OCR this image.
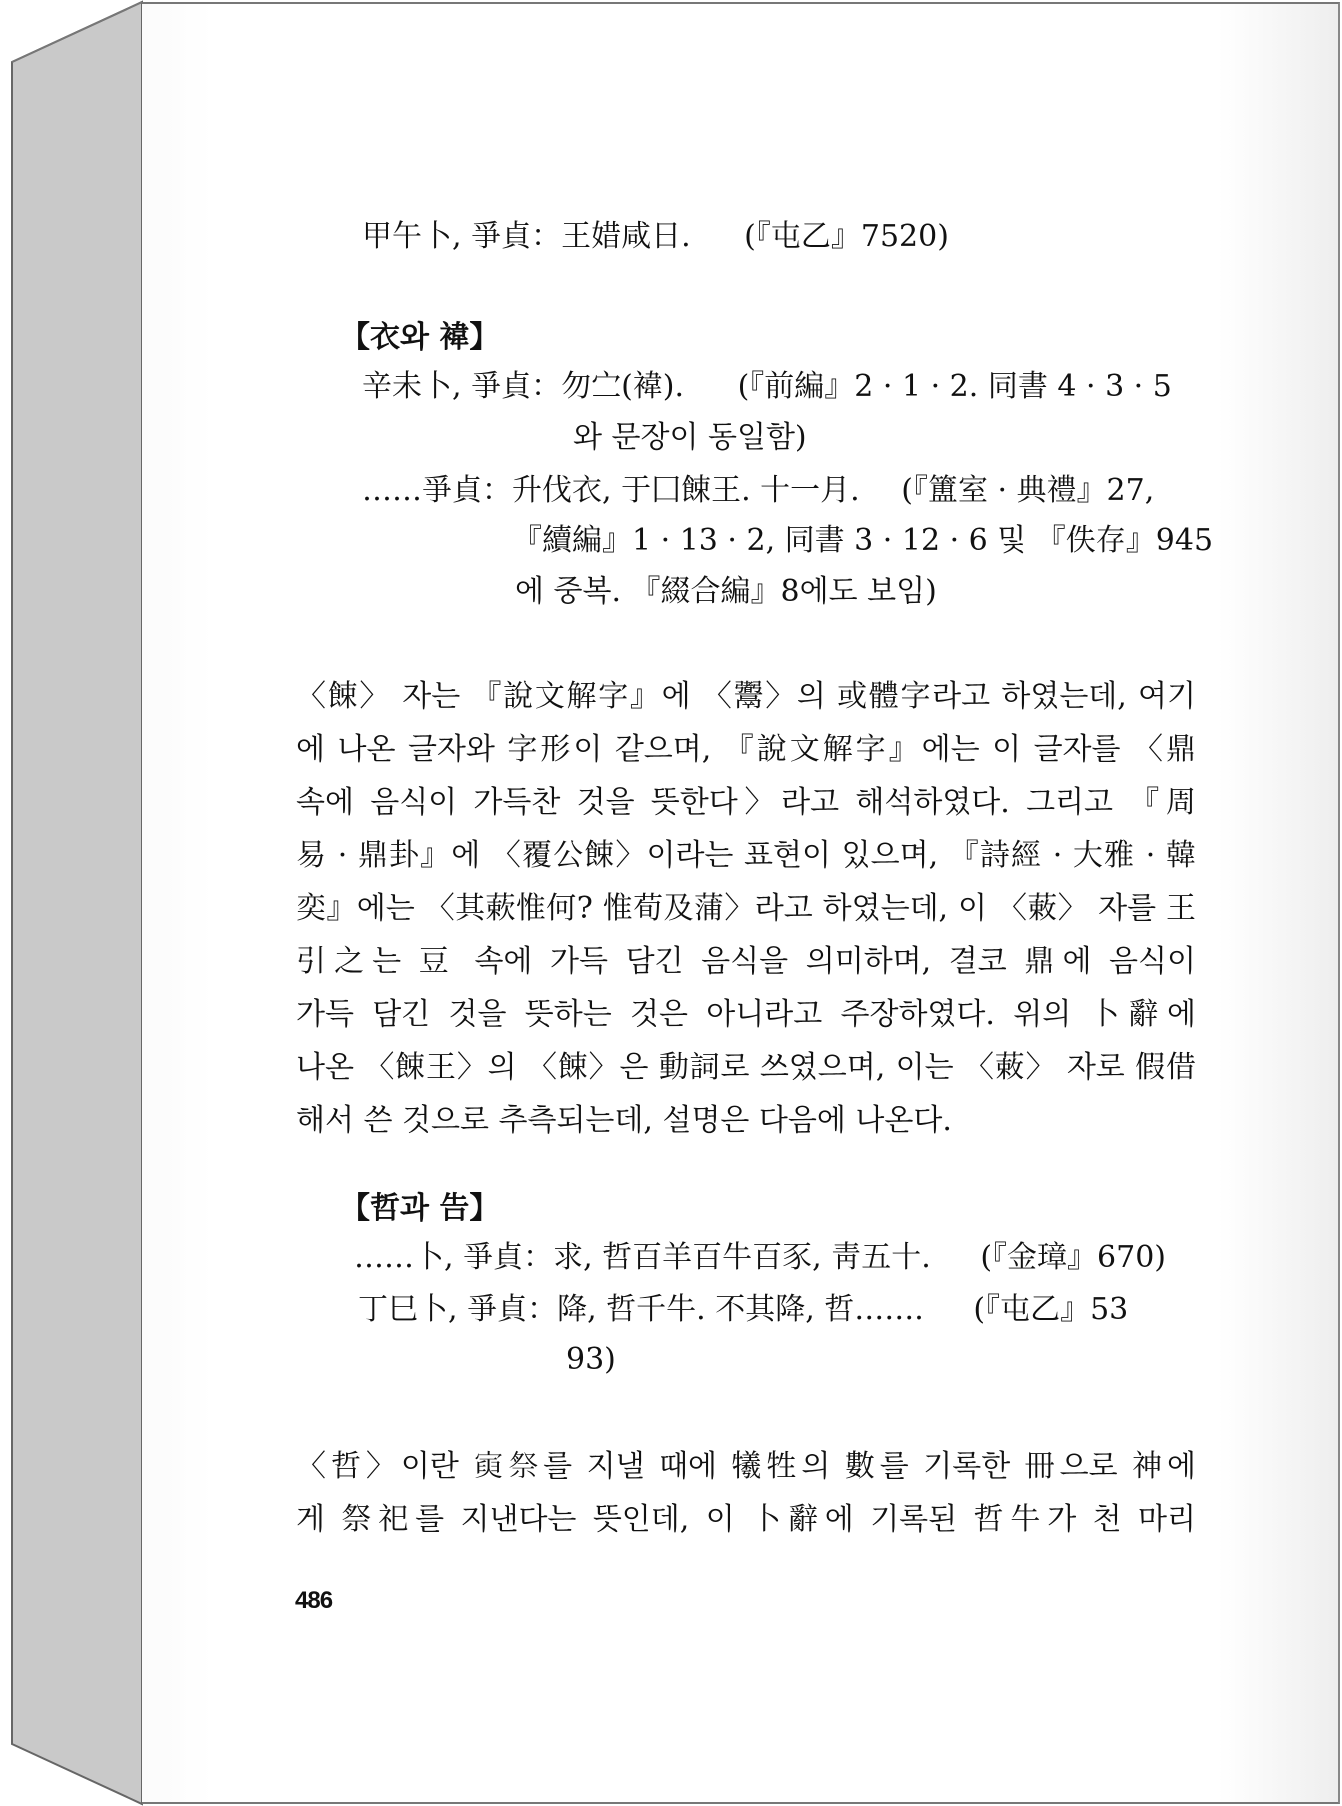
甲午卜, 爭貞：王㛭咸日. (『屯乙』7520)
【衣와 褘】
辛未卜, 爭貞：勿㝉(褘). (『前編』2 · 1 · 2. 同書 4 · 3 · 5
와 문장이 동일함)
……爭貞：升伐衣, 于囗餗王. 十一月. (『簠室 · 典禮』27,
『續編』1 · 13 · 2, 同書 3 · 12 · 6 및 『佚存』945
에 중복. 『綴合編』8에도 보임)
〈餗〉 자는 『說文解字』에 〈䰞〉의 或體字라고 하였는데, 여기
에 나온 글자와 字形이 같으며, 『說文解字』에는 이 글자를 〈鼎
속에 음식이 가득찬 것을 뜻한다〉라고 해석하였다. 그리고 『周
易 · 鼎卦』에 〈覆公餗〉이라는 표현이 있으며, 『詩經 · 大雅 · 韓
奕』에는 〈其蔌惟何? 惟荀及蒲〉라고 하였는데, 이 〈䔩〉 자를 王
引之는 豆 속에 가득 담긴 음식을 의미하며, 결코 鼎에 음식이
가득 담긴 것을 뜻하는 것은 아니라고 주장하였다. 위의 卜辭에
나온 〈餗王〉의 〈餗〉은 動詞로 쓰였으며, 이는 〈䔩〉 자로 假借
해서 쓴 것으로 추측되는데, 설명은 다음에 나온다.
【哲과 告】
……卜, 爭貞：求, 哲百羊百牛百豕, 靑五十. (『金璋』670)
丁巳卜, 爭貞：降, 哲千牛. 不其降, 哲……. (『屯乙』53
93)
〈哲〉이란 𡩟祭를 지낼 때에 犧牲의 數를 기록한 冊으로 神에
게 祭祀를 지낸다는 뜻인데, 이 卜辭에 기록된 哲牛가 천 마리
486
